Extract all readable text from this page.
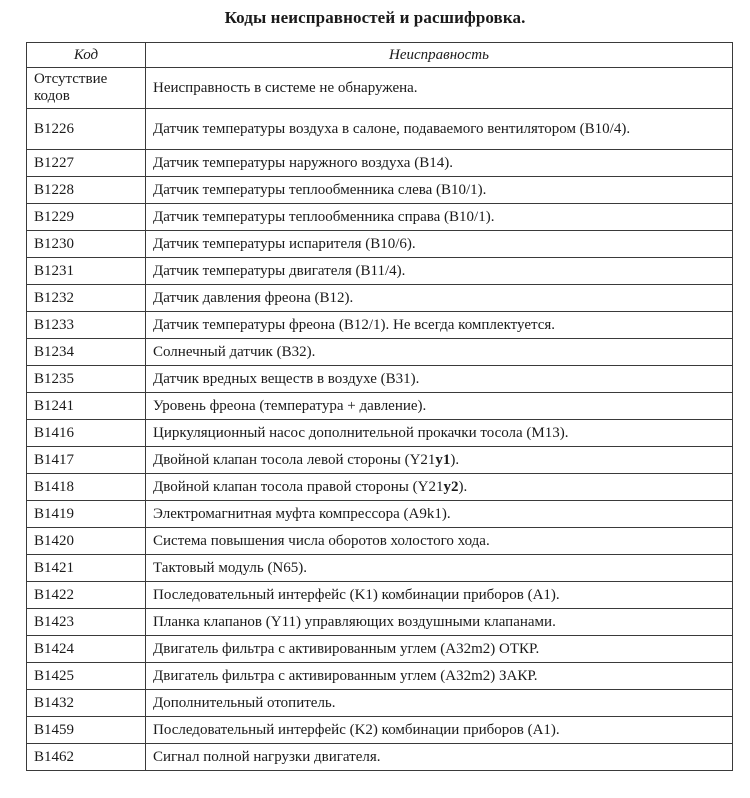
Коды неисправностей и расшифровка.
Код	Неисправность
Отсутствие кодов	Неисправность в системе не обнаружена.
B1226	Датчик температуры воздуха в салоне, подаваемого вентилятором (B10/4).
B1227	Датчик температуры наружного воздуха (B14).
B1228	Датчик температуры теплообменника слева (B10/1).
B1229	Датчик температуры теплообменника справа (B10/1).
B1230	Датчик температуры испарителя (B10/6).
B1231	Датчик температуры двигателя (B11/4).
B1232	Датчик давления фреона (B12).
B1233	Датчик температуры фреона (B12/1). Не всегда комплектуется.
B1234	Солнечный датчик (B32).
B1235	Датчик вредных веществ в воздухе (B31).
B1241	Уровень фреона (температура + давление).
B1416	Циркуляционный насос дополнительной прокачки тосола (M13).
B1417	Двойной клапан тосола левой стороны (Y21y1).
B1418	Двойной клапан тосола правой стороны (Y21y2).
B1419	Электромагнитная муфта компрессора (A9k1).
B1420	Система повышения числа оборотов холостого хода.
B1421	Тактовый модуль (N65).
B1422	Последовательный интерфейс (K1) комбинации приборов (A1).
B1423	Планка клапанов (Y11) управляющих воздушными клапанами.
B1424	Двигатель фильтра с активированным углем (A32m2) ОТКР.
B1425	Двигатель фильтра с активированным углем (A32m2) ЗАКР.
B1432	Дополнительный отопитель.
B1459	Последовательный интерфейс (K2) комбинации приборов (A1).
B1462	Сигнал полной нагрузки двигателя.
